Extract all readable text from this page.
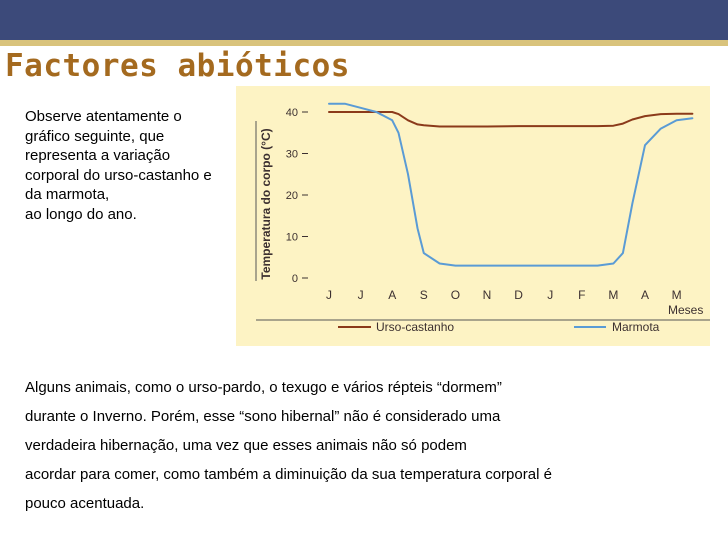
Factores abióticos
Observe atentamente o
gráfico seguinte, que
representa a variação
corporal do urso-castanho e
da marmota,
ao longo do ano.	Temperatura do corpo (°C) 0
10
20
30
40
J J A S O N D J F M A M
Meses
Urso-castanho	Marmota
Alguns animais, como o urso-pardo, o texugo e vários répteis “dormem”
durante o Inverno. Porém, esse “sono hibernal” não é considerado uma
verdadeira hibernação, uma vez que esses animais não só podem
acordar para comer, como também a diminuição da sua temperatura corporal é
pouco acentuada.
